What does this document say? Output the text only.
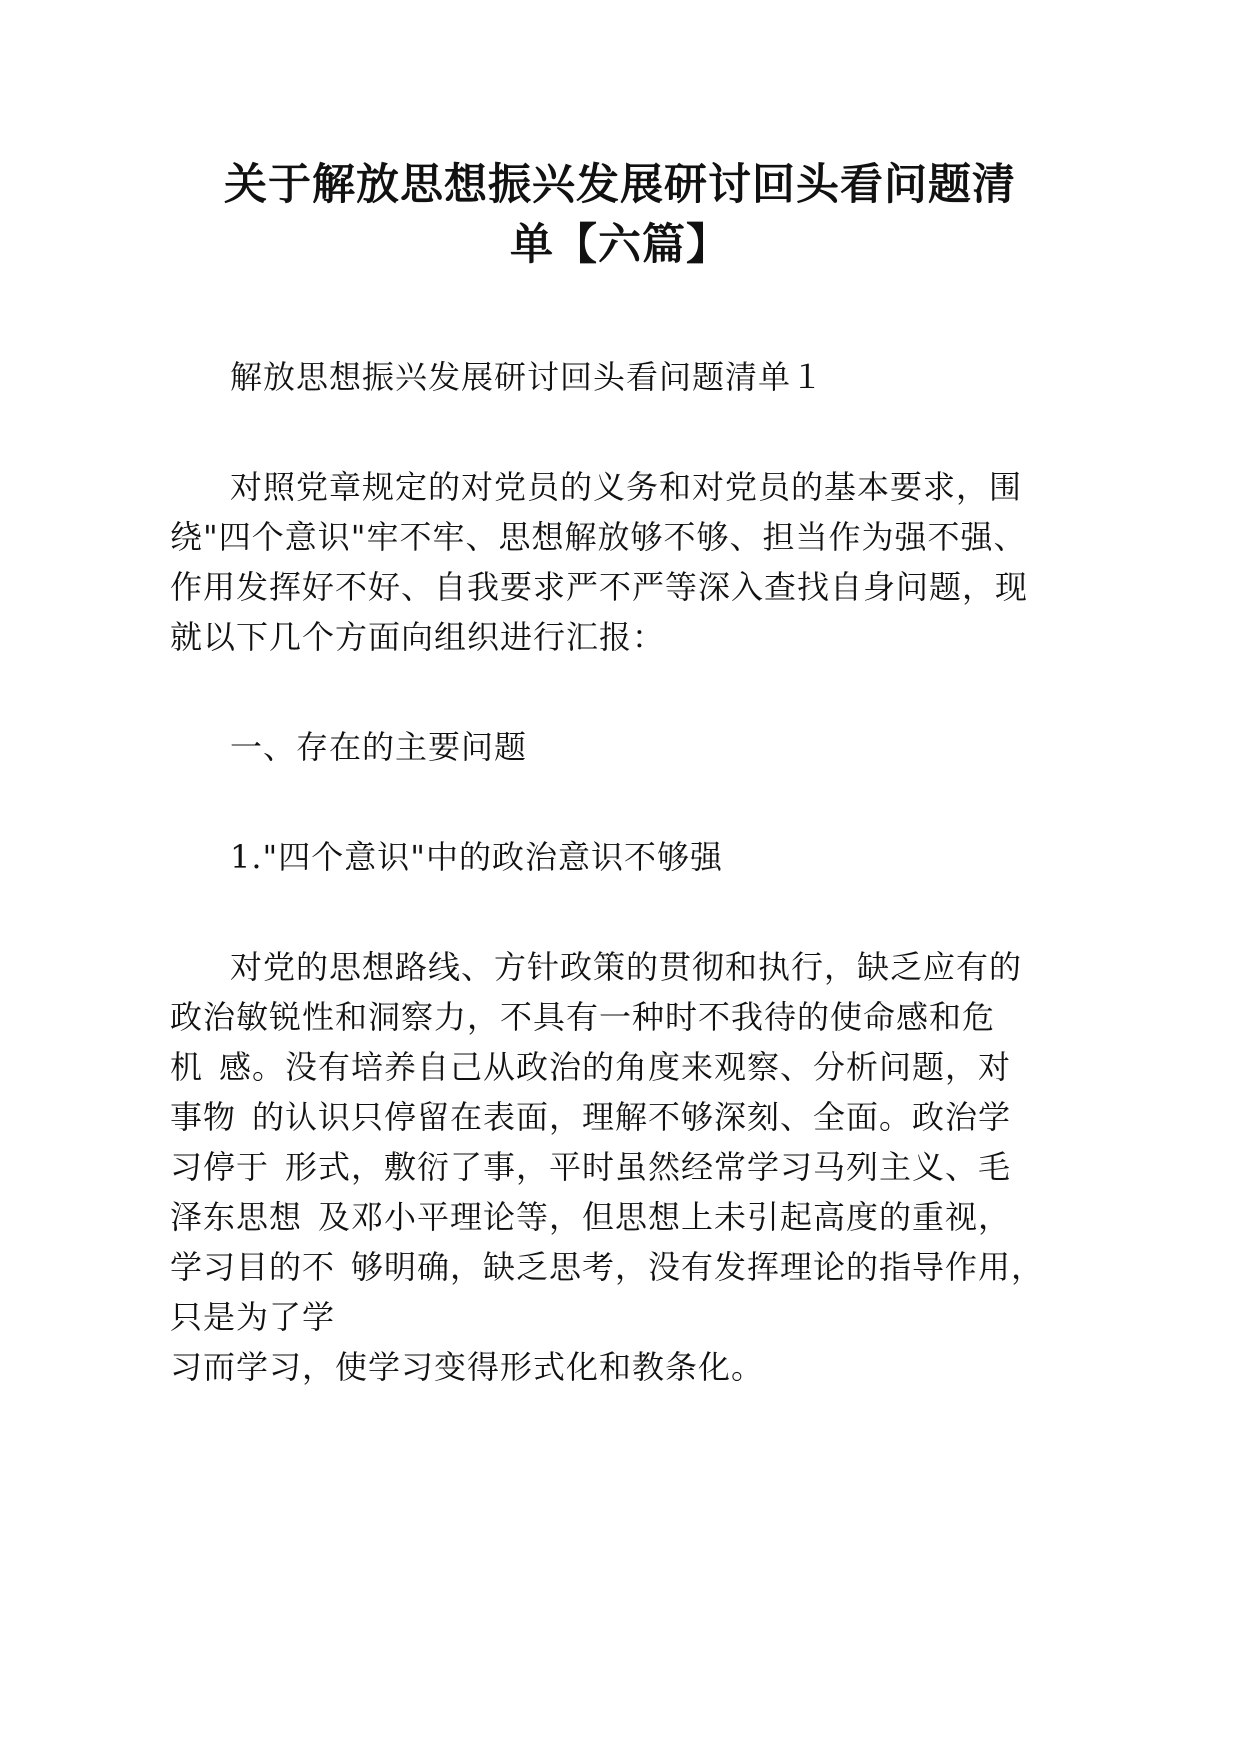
关于解放思想振兴发展研讨回头看问题清
单【六篇】

解放思想振兴发展研讨回头看问题清单１

对照党章规定的对党员的义务和对党员的基本要求，围

绕"四个意识"牢不牢、思想解放够不够、担当作为强不强、

作用发挥好不好、自我要求严不严等深入查找自身问题，现

就以下几个方面向组织进行汇报：

一、存在的主要问题

1."四个意识"中的政治意识不够强

对党的思想路线、方针政策的贯彻和执行，缺乏应有的

政治敏锐性和洞察力，不具有一种时不我待的使命感和危

机 感。没有培养自己从政治的角度来观察、分析问题，对

事物 的认识只停留在表面，理解不够深刻、全面。政治学

习停于 形式，敷衍了事，平时虽然经常学习马列主义、毛

泽东思想 及邓小平理论等，但思想上未引起高度的重视，

学习目的不 够明确，缺乏思考，没有发挥理论的指导作用，

只是为了学

习而学习，使学习变得形式化和教条化。
